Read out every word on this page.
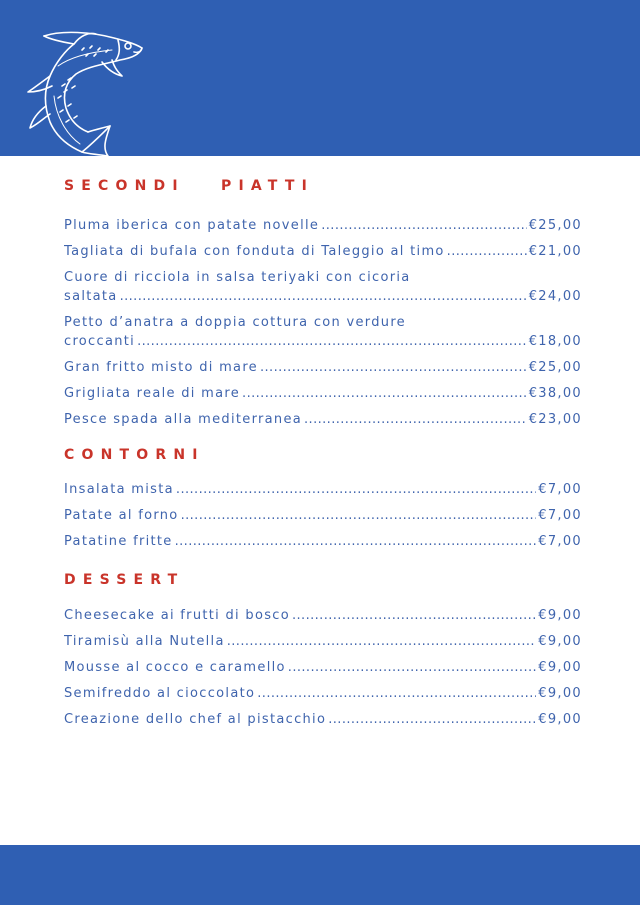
SECONDI   PIATTI
Pluma iberica con patate novelle .....	€25,00
Tagliata di bufala con fonduta di Taleggio al timo .....	€21,00
Cuore di ricciola in salsa teriyaki con cicoria
saltata .....	€24,00
Petto d’anatra a doppia cottura con verdure
croccanti .....	€18,00
Gran fritto misto di mare .....	€25,00
Grigliata reale di mare .....	€38,00
Pesce spada alla mediterranea .....	€23,00
CONTORNI
Insalata mista .....	€7,00
Patate al forno .....	€7,00
Patatine fritte .....	€7,00
DESSERT
Cheesecake ai frutti di bosco .....	€9,00
Tiramisù alla Nutella .....	€9,00
Mousse al cocco e caramello .....	€9,00
Semifreddo al cioccolato .....	€9,00
Creazione dello chef al pistacchio .....	€9,00
